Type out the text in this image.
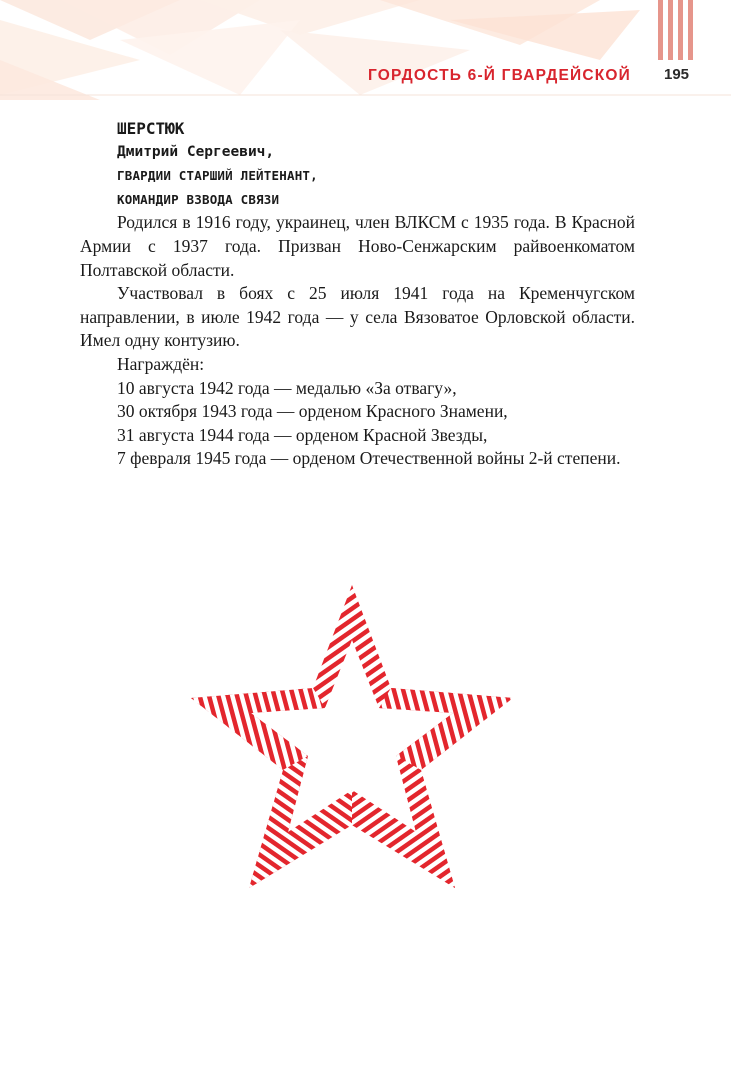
ГОРДОСТЬ 6-Й ГВАРДЕЙСКОЙ 195
ШЕРСТЮК
Дмитрий Сергеевич,
ГВАРДИИ СТАРШИЙ ЛЕЙТЕНАНТ,
КОМАНДИР ВЗВОДА СВЯЗИ

Родился в 1916 году, украинец, член ВЛКСМ с 1935 года. В Красной Армии с 1937 года. Призван Ново-Сенжарским райвоенкоматом Полтавской области.

Участвовал в боях с 25 июля 1941 года на Кременчугском направлении, в июле 1942 года — у села Вязоватое Орловской области. Имел одну контузию.

Награждён:
10 августа 1942 года — медалью «За отвагу»,
30 октября 1943 года — орденом Красного Знамени,
31 августа 1944 года — орденом Красной Звезды,

7 февраля 1945 года — орденом Отечественной войны 2-й степени.
